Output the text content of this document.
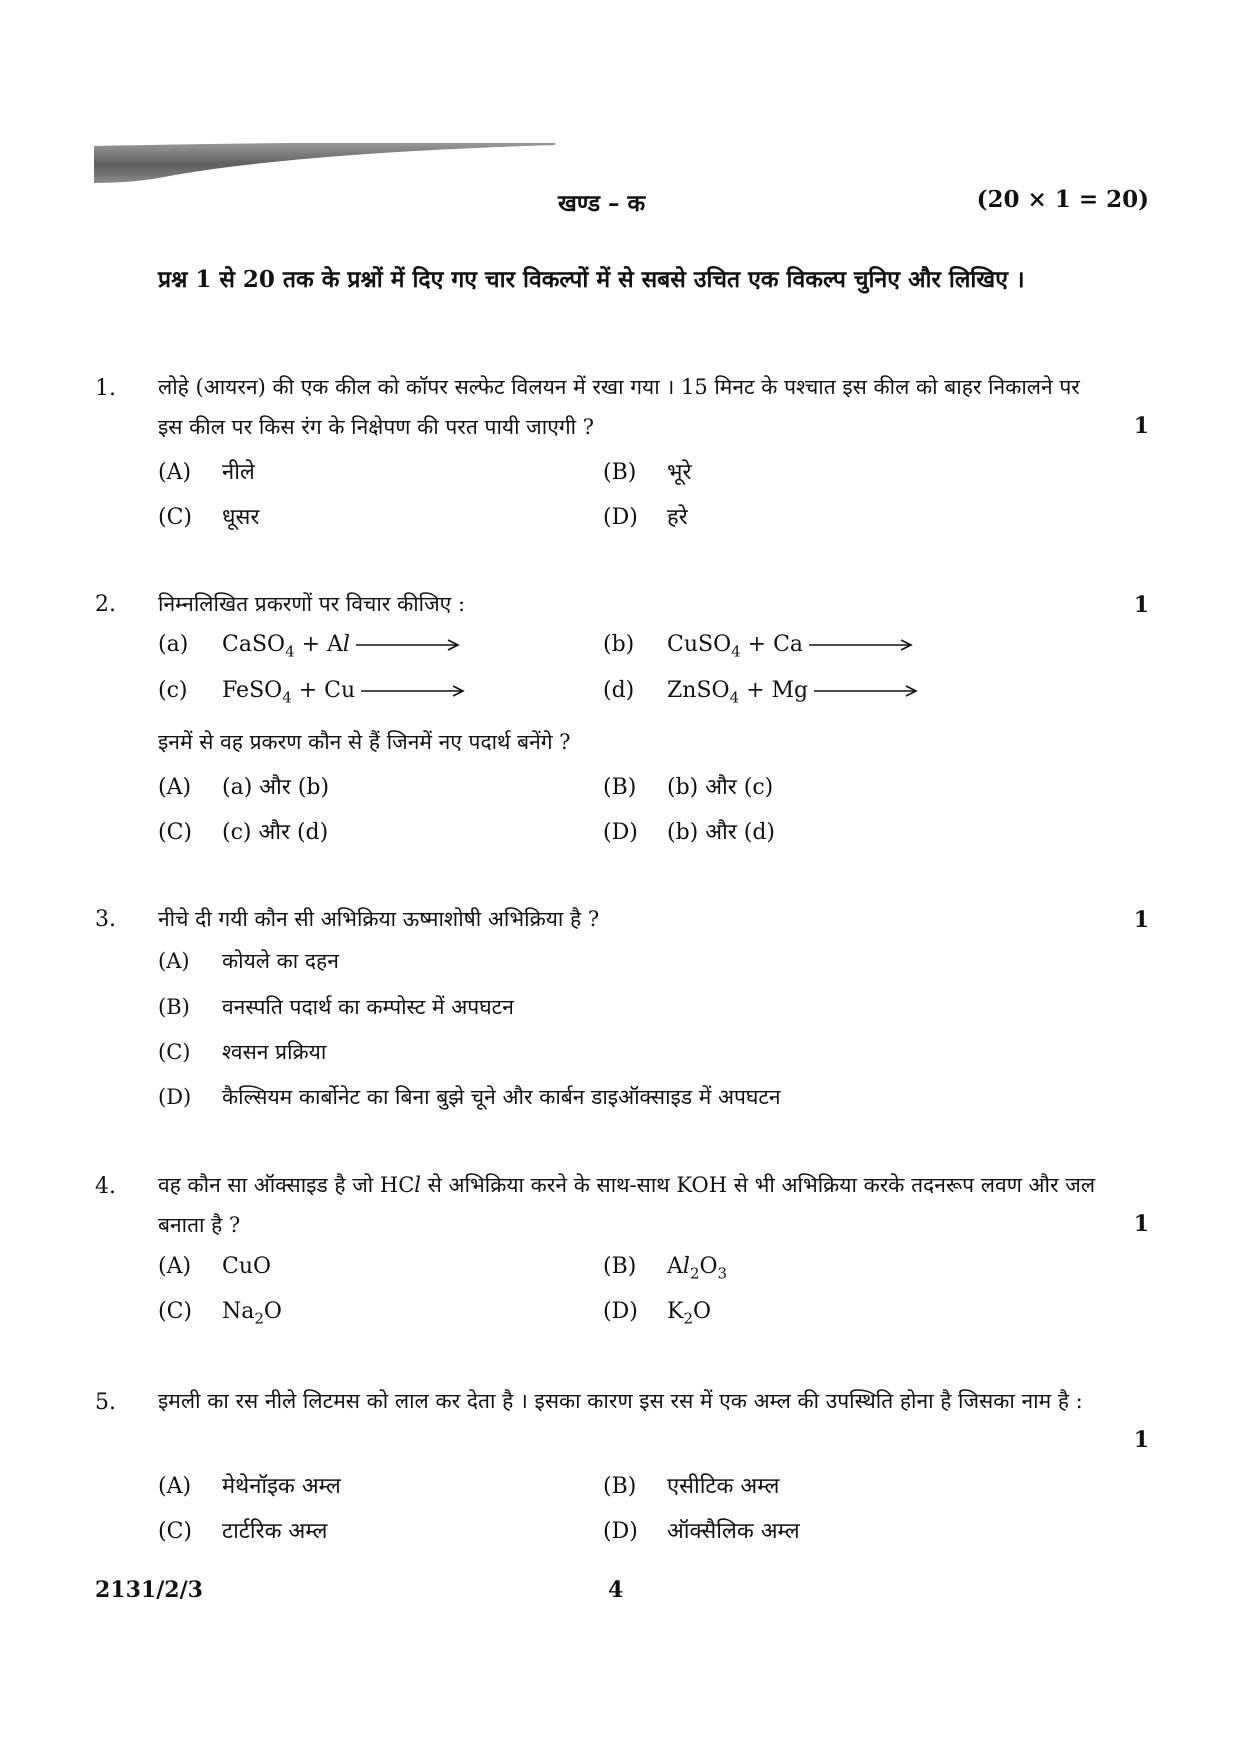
खण्ड – क	(20 × 1 = 20)
प्रश्न 1 से 20 तक के प्रश्नों में दिए गए चार विकल्पों में से सबसे उचित एक विकल्प चुनिए और लिखिए ।
1. लोहे (आयरन) की एक कील को कॉपर सल्फेट विलयन में रखा गया । 15 मिनट के पश्चात इस कील को बाहर निकालने पर इस कील पर किस रंग के निक्षेपण की परत पायी जाएगी ?	1
(A) नीले	(B) भूरे
(C) धूसर	(D) हरे
2. निम्नलिखित प्रकरणों पर विचार कीजिए :	1
(a) CaSO$_4$ + Al	(b) CuSO$_4$ + Ca
(c) FeSO$_4$ + Cu	(d) ZnSO$_4$ + Mg
इनमें से वह प्रकरण कौन से हैं जिनमें नए पदार्थ बनेंगे ?
(A) (a) और (b)	(B) (b) और (c)
(C) (c) और (d)	(D) (b) और (d)
3. नीचे दी गयी कौन सी अभिक्रिया ऊष्माशोषी अभिक्रिया है ?	1
(A) कोयले का दहन
(B) वनस्पति पदार्थ का कम्पोस्ट में अपघटन
(C) श्वसन प्रक्रिया
(D) कैल्सियम कार्बोनेट का बिना बुझे चूने और कार्बन डाइऑक्साइड में अपघटन
4. वह कौन सा ऑक्साइड है जो HCl से अभिक्रिया करने के साथ-साथ KOH से भी अभिक्रिया करके तदनरूप लवण और जल बनाता है ?	1
(A) CuO	(B) $Al_2O_3$
(C) $Na_2O$	(D) $K_2O$
5. इमली का रस नीले लिटमस को लाल कर देता है । इसका कारण इस रस में एक अम्ल की उपस्थिति होना है जिसका नाम है :
1
(A) मेथेनॉइक अम्ल	(B) एसीटिक अम्ल
(C) टार्टरिक अम्ल	(D) ऑक्सैलिक अम्ल
2131/2/3	4
